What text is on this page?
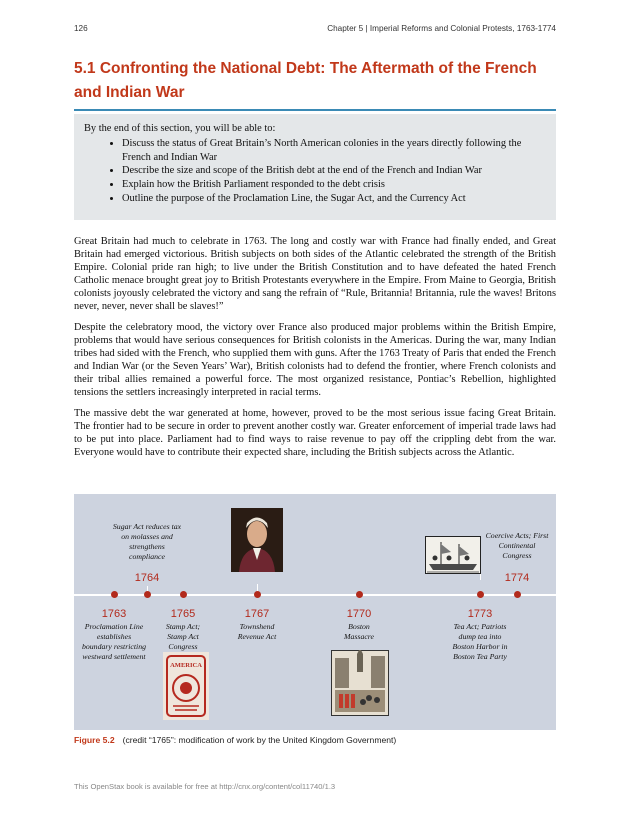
126	Chapter 5 | Imperial Reforms and Colonial Protests, 1763-1774
5.1 Confronting the National Debt: The Aftermath of the French and Indian War

By the end of this section, you will be able to:

• Discuss the status of Great Britain’s North American colonies in the years directly following the French and Indian War
• Describe the size and scope of the British debt at the end of the French and Indian War
• Explain how the British Parliament responded to the debt crisis
• Outline the purpose of the Proclamation Line, the Sugar Act, and the Currency Act

Great Britain had much to celebrate in 1763. The long and costly war with France had finally ended, and Great Britain had emerged victorious. British subjects on both sides of the Atlantic celebrated the strength of the British Empire. Colonial pride ran high; to live under the British Constitution and to have defeated the hated French Catholic menace brought great joy to British Protestants everywhere in the Empire. From Maine to Georgia, British colonists joyously celebrated the victory and sang the refrain of “Rule, Britannia! Britannia, rule the waves! Britons never, never, never shall be slaves!”

Despite the celebratory mood, the victory over France also produced major problems within the British Empire, problems that would have serious consequences for British colonists in the Americas. During the war, many Indian tribes had sided with the French, who supplied them with guns. After the 1763 Treaty of Paris that ended the French and Indian War (or the Seven Years’ War), British colonists had to defend the frontier, where French colonists and their tribal allies remained a powerful force. The most organized resistance, Pontiac’s Rebellion, highlighted tensions the settlers increasingly interpreted in racial terms.

The massive debt the war generated at home, however, proved to be the most serious issue facing Great Britain. The frontier had to be secure in order to prevent another costly war. Greater enforcement of imperial trade laws had to be put into place. Parliament had to find ways to raise revenue to pay off the crippling debt from the war. Everyone would have to contribute their expected share, including the British subjects across the Atlantic.

Sugar Act reduces tax on molasses and strengthens compliance
1764
Coercive Acts; First Continental Congress
1774
1763
Proclamation Line establishes boundary restricting westward settlement
1765
Stamp Act; Stamp Act Congress
1767
Townshend Revenue Act
1770
Boston Massacre
1773
Tea Act; Patriots dump tea into Boston Harbor in Boston Tea Party
AMERICA
Figure 5.2 (credit “1765”: modification of work by the United Kingdom Government)
This OpenStax book is available for free at http://cnx.org/content/col11740/1.3
